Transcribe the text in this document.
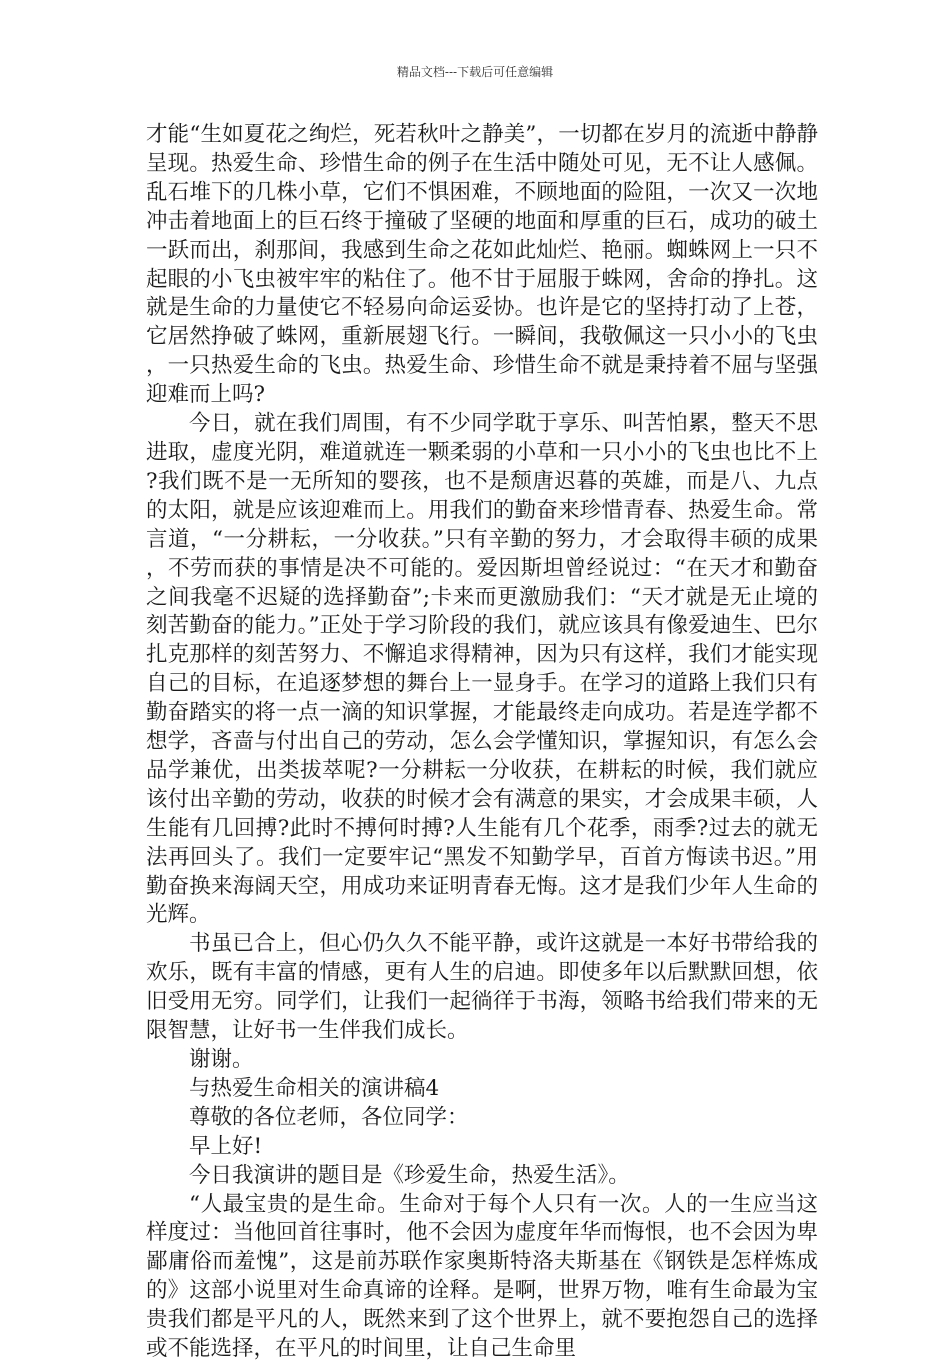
精品文档---下载后可任意编辑

才能“生如夏花之绚烂，死若秋叶之静美”，一切都在岁月的流逝中静静呈现。热爱生命、珍惜生命的例子在生活中随处可见，无不让人感佩。乱石堆下的几株小草，它们不惧困难，不顾地面的险阻，一次又一次地冲击着地面上的巨石终于撞破了坚硬的地面和厚重的巨石，成功的破土一跃而出，刹那间，我感到生命之花如此灿烂、艳丽。蜘蛛网上一只不起眼的小飞虫被牢牢的粘住了。他不甘于屈服于蛛网，舍命的挣扎。这就是生命的力量使它不轻易向命运妥协。也许是它的坚持打动了上苍，它居然挣破了蛛网，重新展翅飞行。一瞬间，我敬佩这一只小小的飞虫，一只热爱生命的飞虫。热爱生命、珍惜生命不就是秉持着不屈与坚强迎难而上吗?

今日，就在我们周围，有不少同学耽于享乐、叫苦怕累，整天不思进取，虚度光阴，难道就连一颗柔弱的小草和一只小小的飞虫也比不上?我们既不是一无所知的婴孩，也不是颓唐迟暮的英雄，而是八、九点的太阳，就是应该迎难而上。用我们的勤奋来珍惜青春、热爱生命。常言道，“一分耕耘，一分收获。”只有辛勤的努力，才会取得丰硕的成果，不劳而获的事情是决不可能的。爱因斯坦曾经说过：“在天才和勤奋之间我毫不迟疑的选择勤奋”;卡来而更激励我们：“天才就是无止境的刻苦勤奋的能力。”正处于学习阶段的我们，就应该具有像爱迪生、巴尔扎克那样的刻苦努力、不懈追求得精神，因为只有这样，我们才能实现自己的目标，在追逐梦想的舞台上一显身手。在学习的道路上我们只有勤奋踏实的将一点一滴的知识掌握，才能最终走向成功。若是连学都不想学，吝啬与付出自己的劳动，怎么会学懂知识，掌握知识，有怎么会品学兼优，出类拔萃呢?一分耕耘一分收获，在耕耘的时候，我们就应该付出辛勤的劳动，收获的时候才会有满意的果实，才会成果丰硕，人生能有几回搏?此时不搏何时搏?人生能有几个花季，雨季?过去的就无法再回头了。我们一定要牢记“黑发不知勤学早，百首方悔读书迟。”用勤奋换来海阔天空，用成功来证明青春无悔。这才是我们少年人生命的光辉。

书虽已合上，但心仍久久不能平静，或许这就是一本好书带给我的欢乐，既有丰富的情感，更有人生的启迪。即使多年以后默默回想，依旧受用无穷。同学们，让我们一起徜徉于书海，领略书给我们带来的无限智慧，让好书一生伴我们成长。

谢谢。

与热爱生命相关的演讲稿4

尊敬的各位老师，各位同学：

早上好!

今日我演讲的题目是《珍爱生命，热爱生活》。

“人最宝贵的是生命。生命对于每个人只有一次。人的一生应当这样度过：当他回首往事时，他不会因为虚度年华而悔恨，也不会因为卑鄙庸俗而羞愧”，这是前苏联作家奥斯特洛夫斯基在《钢铁是怎样炼成的》这部小说里对生命真谛的诠释。是啊，世界万物，唯有生命最为宝贵我们都是平凡的人，既然来到了这个世界上，就不要抱怨自己的选择或不能选择，在平凡的时间里，让自己生命里
